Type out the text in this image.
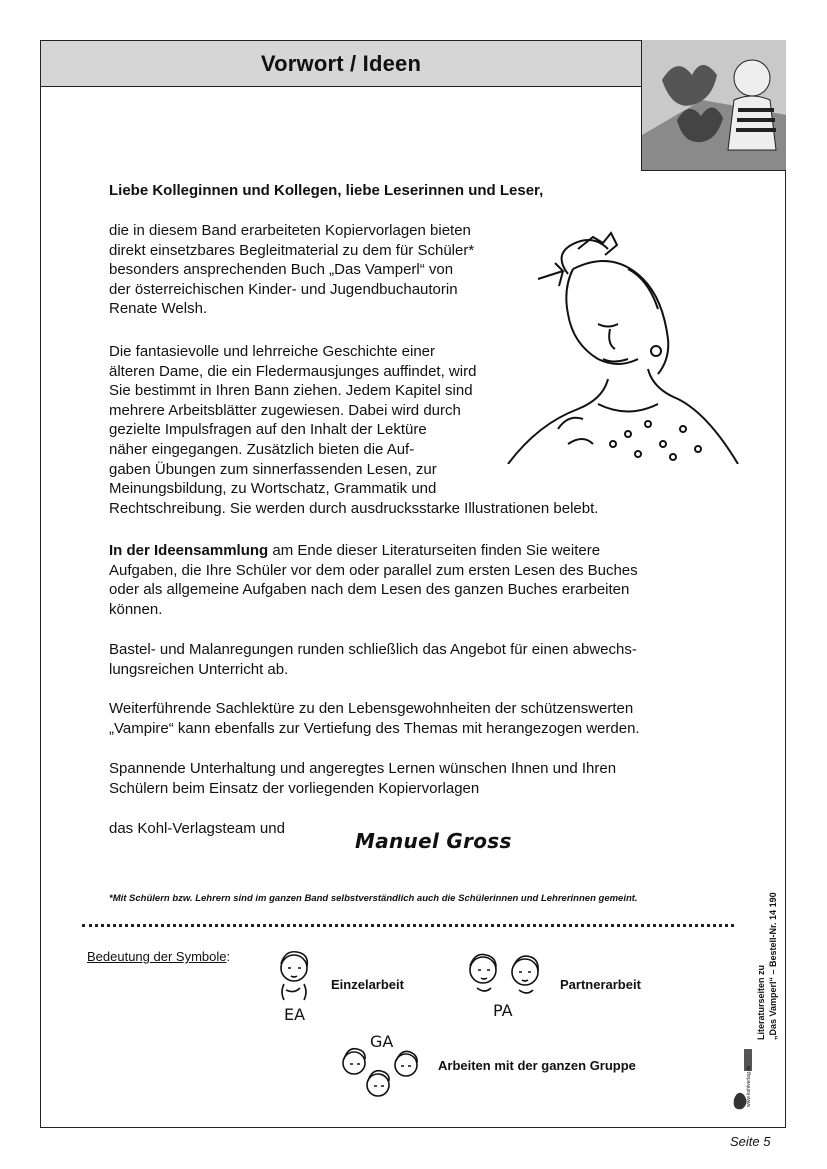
Vorwort / Ideen
Liebe Kolleginnen und Kollegen, liebe Leserinnen und Leser,
die in diesem Band erarbeiteten Kopiervorlagen bieten
direkt einsetzbares Begleitmaterial zu dem für Schüler*
besonders ansprechenden Buch „Das Vamperl“ von
der österreichischen Kinder- und Jugendbuchautorin
Renate Welsh.
Die fantasievolle und lehrreiche Geschichte einer
älteren Dame, die ein Fledermausjunges auffindet, wird
Sie bestimmt in Ihren Bann ziehen. Jedem Kapitel sind
mehrere Arbeitsblätter zugewiesen. Dabei wird durch
gezielte Impulsfragen auf den Inhalt der Lektüre
näher eingegangen. Zusätzlich bieten die Auf-
gaben Übungen zum sinnerfassenden Lesen, zur
Meinungsbildung, zu Wortschatz, Grammatik und
Rechtschreibung. Sie werden durch ausdrucksstarke Illustrationen belebt.
In der Ideensammlung am Ende dieser Literaturseiten finden Sie weitere
Aufgaben, die Ihre Schüler vor dem oder parallel zum ersten Lesen des Buches
oder als allgemeine Aufgaben nach dem Lesen des ganzen Buches erarbeiten
können.
Bastel- und Malanregungen runden schließlich das Angebot für einen abwechs-
lungsreichen Unterricht ab.
Weiterführende Sachlektüre zu den Lebensgewohnheiten der schützenswerten
„Vampire“ kann ebenfalls zur Vertiefung des Themas mit herangezogen werden.
Spannende Unterhaltung und angeregtes Lernen wünschen Ihnen und Ihren
Schülern beim Einsatz der vorliegenden Kopiervorlagen
das Kohl-Verlagsteam und
Manuel Gross
*Mit Schülern bzw. Lehrern sind im ganzen Band selbstverständlich auch die Schülerinnen und Lehrerinnen gemeint.
Bedeutung der Symbole:
EA
Einzelarbeit
PA
Partnerarbeit
GA
Arbeiten mit der ganzen Gruppe
Literaturseiten zu „Das Vamperl“ – Bestell-Nr. 14 190
www.kohlverlag.de
Seite 5
